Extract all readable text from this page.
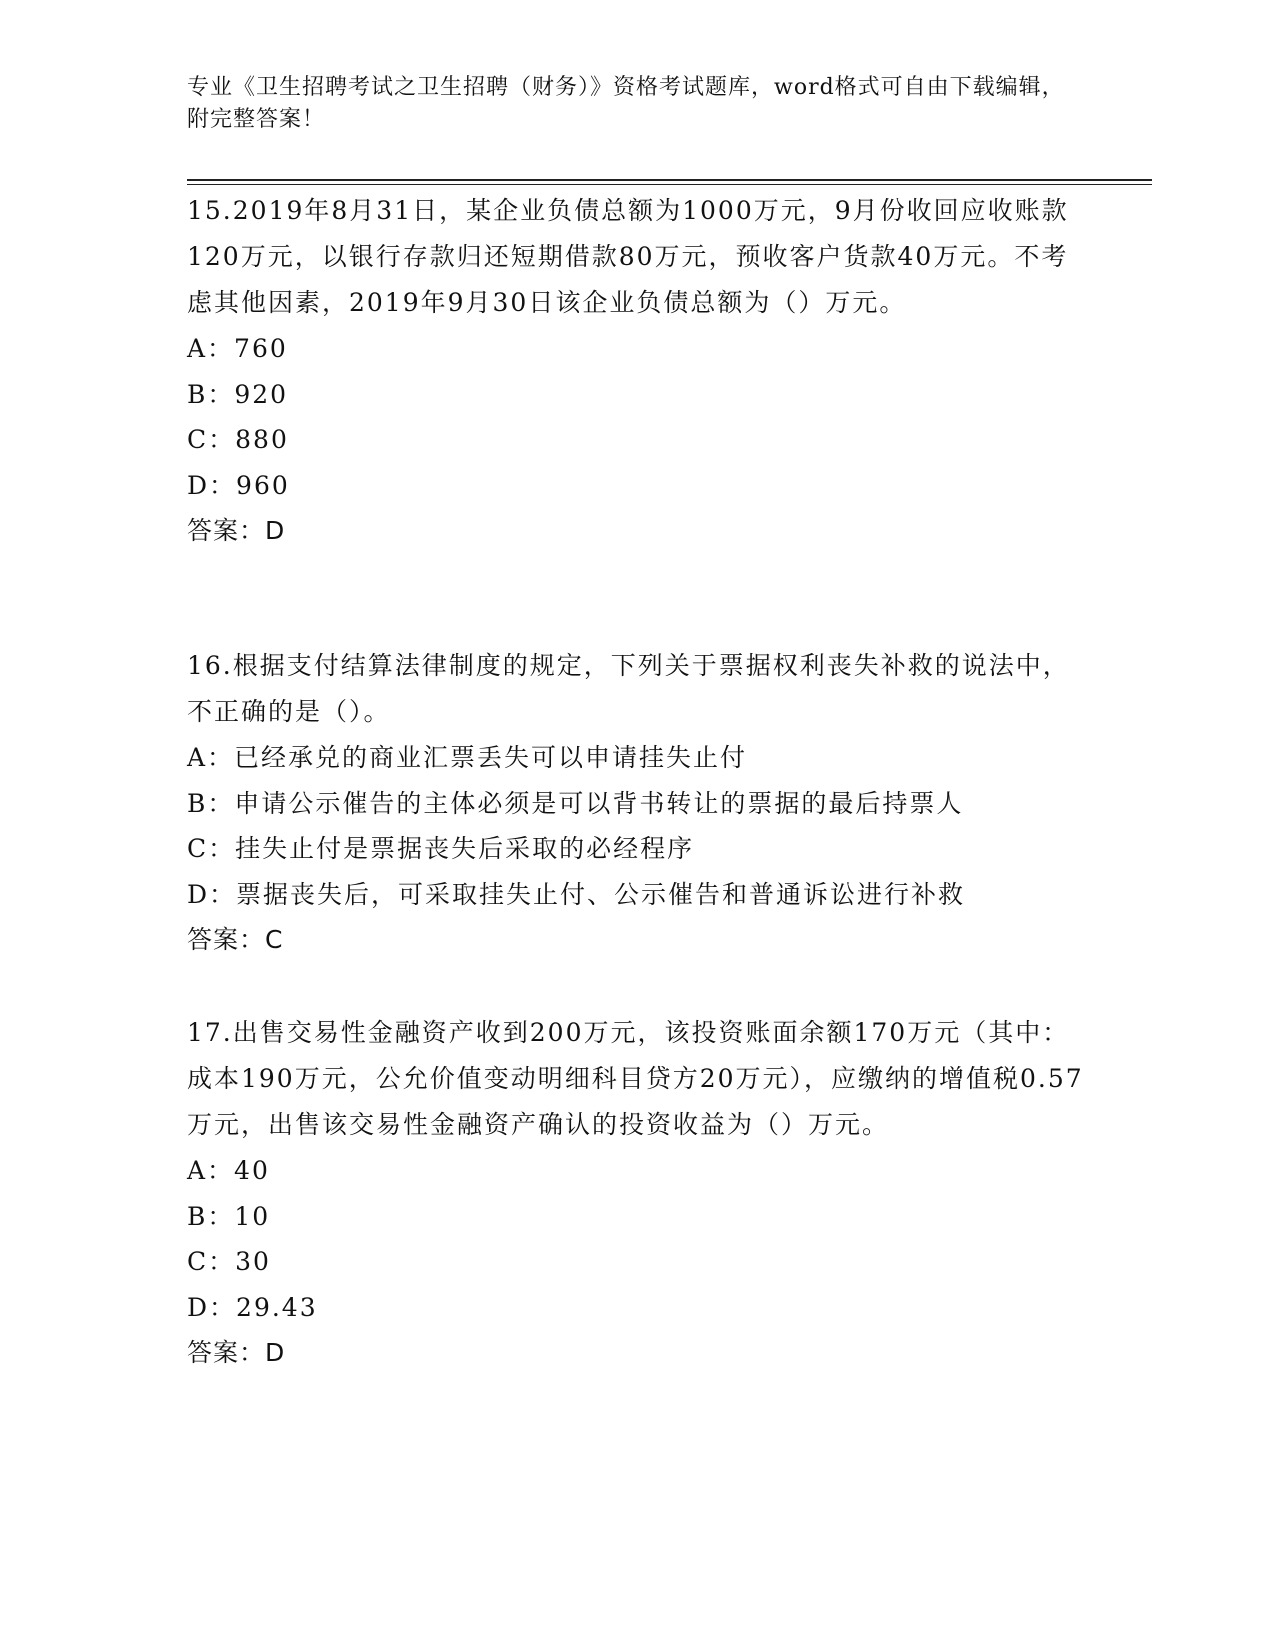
专业《卫生招聘考试之卫生招聘（财务）》资格考试题库，word格式可自由下载编辑，附完整答案！

15.2019年8月31日，某企业负债总额为1000万元，9月份收回应收账款120万元，以银行存款归还短期借款80万元，预收客户货款40万元。不考虑其他因素，2019年9月30日该企业负债总额为（）万元。

A：760

B：920

C：880

D：960

答案：D

16.根据支付结算法律制度的规定，下列关于票据权利丧失补救的说法中，不正确的是（）。

A：已经承兑的商业汇票丢失可以申请挂失止付

B：申请公示催告的主体必须是可以背书转让的票据的最后持票人

C：挂失止付是票据丧失后采取的必经程序

D：票据丧失后，可采取挂失止付、公示催告和普通诉讼进行补救

答案：C

17.出售交易性金融资产收到200万元，该投资账面余额170万元（其中：成本190万元，公允价值变动明细科目贷方20万元），应缴纳的增值税0.57万元，出售该交易性金融资产确认的投资收益为（）万元。

A：40

B：10

C：30

D：29.43

答案：D
